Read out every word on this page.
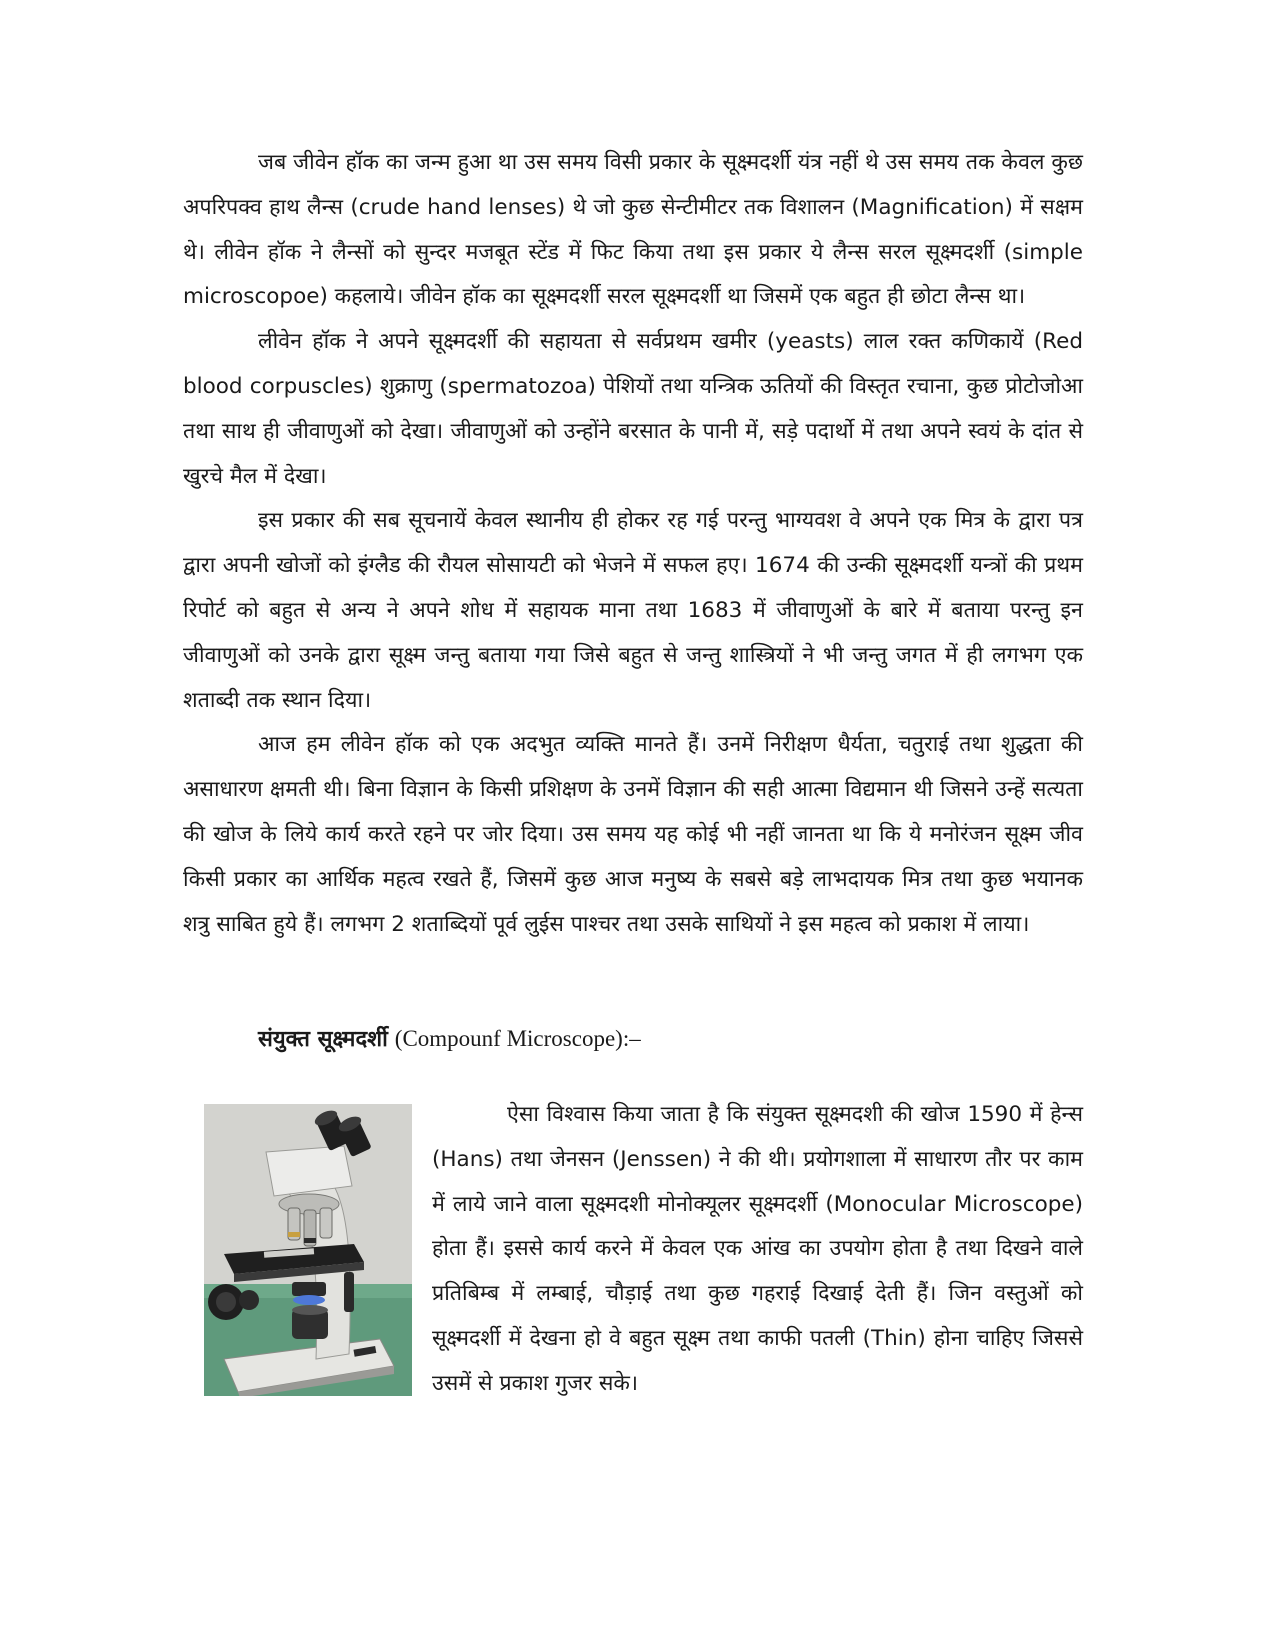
जब जीवेन हॉक का जन्म हुआ था उस समय विसी प्रकार के सूक्ष्मदर्शी यंत्र नहीं थे उस समय तक केवल कुछ अपरिपक्व हाथ लैन्स (crude hand lenses) थे जो कुछ सेन्टीमीटर तक विशालन (Magnification) में सक्षम थे। लीवेन हॉक ने लैन्सों को सुन्दर मजबूत स्टेंड में फिट किया तथा इस प्रकार ये लैन्स सरल सूक्ष्मदर्शी (simple microscopoe) कहलाये। जीवेन हॉक का सूक्ष्मदर्शी सरल सूक्ष्मदर्शी था जिसमें एक बहुत ही छोटा लैन्स था।

लीवेन हॉक ने अपने सूक्ष्मदर्शी की सहायता से सर्वप्रथम खमीर (yeasts) लाल रक्त कणिकायें (Red blood corpuscles) शुक्राणु (spermatozoa) पेशियों तथा यन्त्रिक ऊतियों की विस्तृत रचाना, कुछ प्रोटोजोआ तथा साथ ही जीवाणुओं को देखा। जीवाणुओं को उन्होंने बरसात के पानी में, सड़े पदार्थो में तथा अपने स्वयं के दांत से खुरचे मैल में देखा।

इस प्रकार की सब सूचनायें केवल स्थानीय ही होकर रह गई परन्तु भाग्यवश वे अपने एक मित्र के द्वारा पत्र द्वारा अपनी खोजों को इंग्लैड की रौयल सोसायटी को भेजने में सफल हए। 1674 की उन्की सूक्ष्मदर्शी यन्त्रों की प्रथम रिपोर्ट को बहुत से अन्य ने अपने शोध में सहायक माना तथा 1683 में जीवाणुओं के बारे में बताया परन्तु इन जीवाणुओं को उनके द्वारा सूक्ष्म जन्तु बताया गया जिसे बहुत से जन्तु शास्त्रियों ने भी जन्तु जगत में ही लगभग एक शताब्दी तक स्थान दिया।

आज हम लीवेन हॉक को एक अदभुत व्यक्ति मानते हैं। उनमें निरीक्षण धैर्यता, चतुराई तथा शुद्धता की असाधारण क्षमती थी। बिना विज्ञान के किसी प्रशिक्षण के उनमें विज्ञान की सही आत्मा विद्यमान थी जिसने उन्हें सत्यता की खोज के लिये कार्य करते रहने पर जोर दिया। उस समय यह कोई भी नहीं जानता था कि ये मनोरंजन सूक्ष्म जीव किसी प्रकार का आर्थिक महत्व रखते हैं, जिसमें कुछ आज मनुष्य के सबसे बड़े लाभदायक मित्र तथा कुछ भयानक शत्रु साबित हुये हैं। लगभग 2 शताब्दियों पूर्व लुईस पाश्चर तथा उसके साथियों ने इस महत्व को प्रकाश में लाया।

संयुक्त सूक्ष्मदर्शी (Compounf Microscope):–

ऐसा विश्वास किया जाता है कि संयुक्त सूक्ष्मदशी की खोज 1590 में हेन्स (Hans) तथा जेनसन (Jenssen) ने की थी। प्रयोगशाला में साधारण तौर पर काम में लाये जाने वाला सूक्ष्मदशी मोनोक्यूलर सूक्ष्मदर्शी (Monocular Microscope) होता हैं। इससे कार्य करने में केवल एक आंख का उपयोग होता है तथा दिखने वाले प्रतिबिम्ब में लम्बाई, चौड़ाई तथा कुछ गहराई दिखाई देती हैं। जिन वस्तुओं को सूक्ष्मदर्शी में देखना हो वे बहुत सूक्ष्म तथा काफी पतली (Thin) होना चाहिए जिससे उसमें से प्रकाश गुजर सके।
